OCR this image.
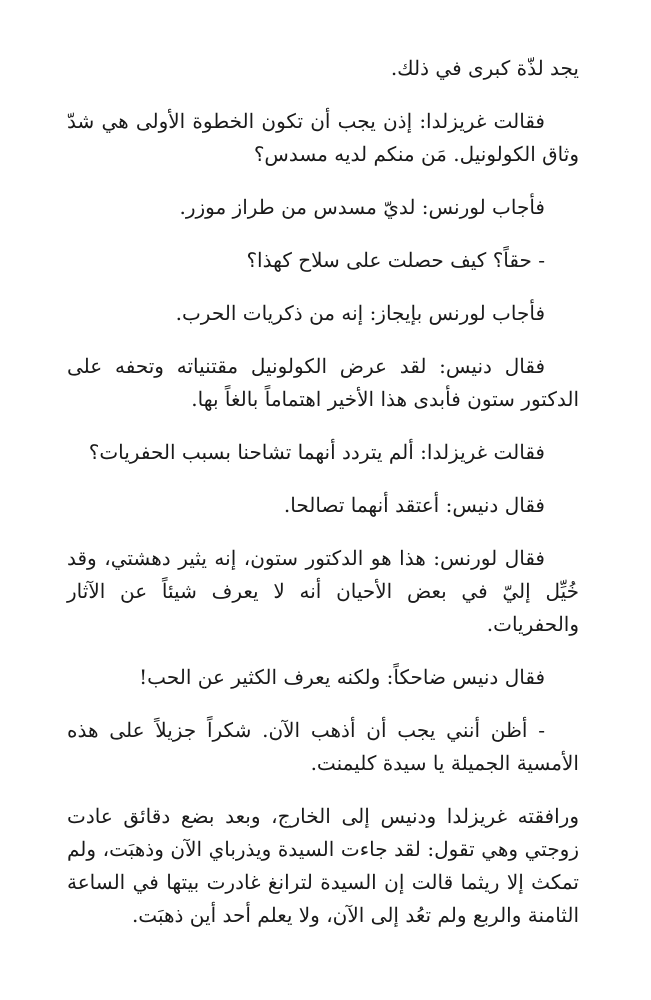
يجد لذّة كبرى في ذلك.

فقالت غريزلدا: إذن يجب أن تكون الخطوة الأولى هي شدّ وثاق الكولونيل. مَن منكم لديه مسدس؟

فأجاب لورنس: لديّ مسدس من طراز موزر.

- حقاً؟ كيف حصلت على سلاح كهذا؟

فأجاب لورنس بإيجاز: إنه من ذكريات الحرب.

فقال دنيس: لقد عرض الكولونيل مقتنياته وتحفه على الدكتور ستون فأبدى هذا الأخير اهتماماً بالغاً بها.

فقالت غريزلدا: ألم يتردد أنهما تشاحنا بسبب الحفريات؟

فقال دنيس: أعتقد أنهما تصالحا.

فقال لورنس: هذا هو الدكتور ستون، إنه يثير دهشتي، وقد خُيِّل إليّ في بعض الأحيان أنه لا يعرف شيئاً عن الآثار والحفريات.

فقال دنيس ضاحكاً: ولكنه يعرف الكثير عن الحب!

- أظن أنني يجب أن أذهب الآن. شكراً جزيلاً على هذه الأمسية الجميلة يا سيدة كليمنت.

ورافقته غريزلدا ودنيس إلى الخارج، وبعد بضع دقائق عادت زوجتي وهي تقول: لقد جاءت السيدة ويذرباي الآن وذهبَت، ولم تمكث إلا ريثما قالت إن السيدة لترانغ غادرت بيتها في الساعة الثامنة والربع ولم تعُد إلى الآن، ولا يعلم أحد أين ذهبَت.
